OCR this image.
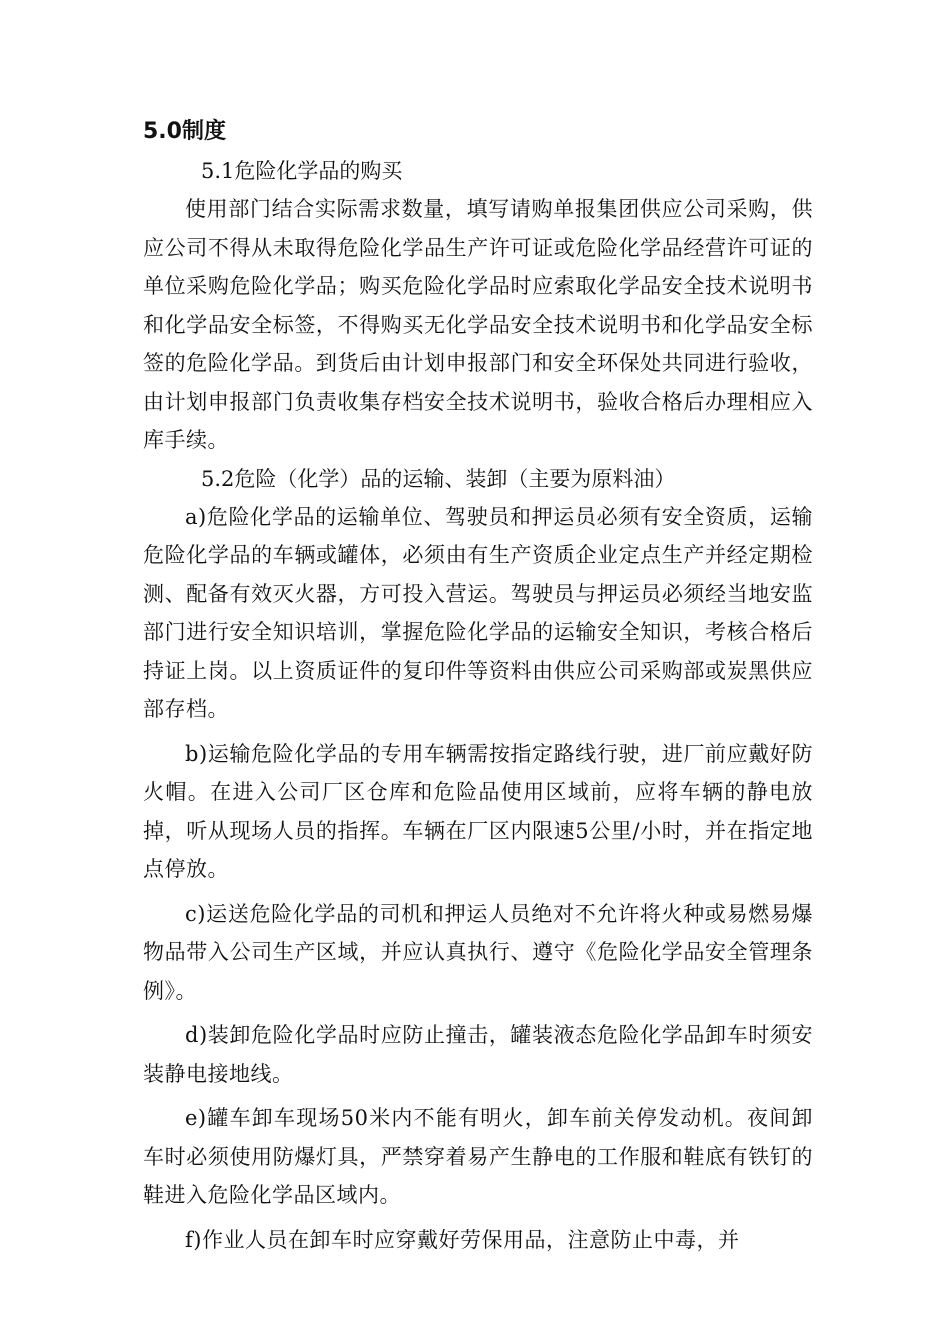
5.0制度

5.1危险化学品的购买

使用部门结合实际需求数量，填写请购单报集团供应公司采购，供应公司不得从未取得危险化学品生产许可证或危险化学品经营许可证的单位采购危险化学品；购买危险化学品时应索取化学品安全技术说明书和化学品安全标签，不得购买无化学品安全技术说明书和化学品安全标签的危险化学品。到货后由计划申报部门和安全环保处共同进行验收，由计划申报部门负责收集存档安全技术说明书，验收合格后办理相应入库手续。

5.2危险（化学）品的运输、装卸（主要为原料油）

a)危险化学品的运输单位、驾驶员和押运员必须有安全资质，运输危险化学品的车辆或罐体，必须由有生产资质企业定点生产并经定期检测、配备有效灭火器，方可投入营运。驾驶员与押运员必须经当地安监部门进行安全知识培训，掌握危险化学品的运输安全知识，考核合格后持证上岗。以上资质证件的复印件等资料由供应公司采购部或炭黑供应部存档。

b)运输危险化学品的专用车辆需按指定路线行驶，进厂前应戴好防火帽。在进入公司厂区仓库和危险品使用区域前，应将车辆的静电放掉，听从现场人员的指挥。车辆在厂区内限速5公里/小时，并在指定地点停放。

c)运送危险化学品的司机和押运人员绝对不允许将火种或易燃易爆物品带入公司生产区域，并应认真执行、遵守《危险化学品安全管理条例》。

d)装卸危险化学品时应防止撞击，罐装液态危险化学品卸车时须安装静电接地线。

e)罐车卸车现场50米内不能有明火，卸车前关停发动机。夜间卸车时必须使用防爆灯具，严禁穿着易产生静电的工作服和鞋底有铁钉的鞋进入危险化学品区域内。

f)作业人员在卸车时应穿戴好劳保用品，注意防止中毒，并
